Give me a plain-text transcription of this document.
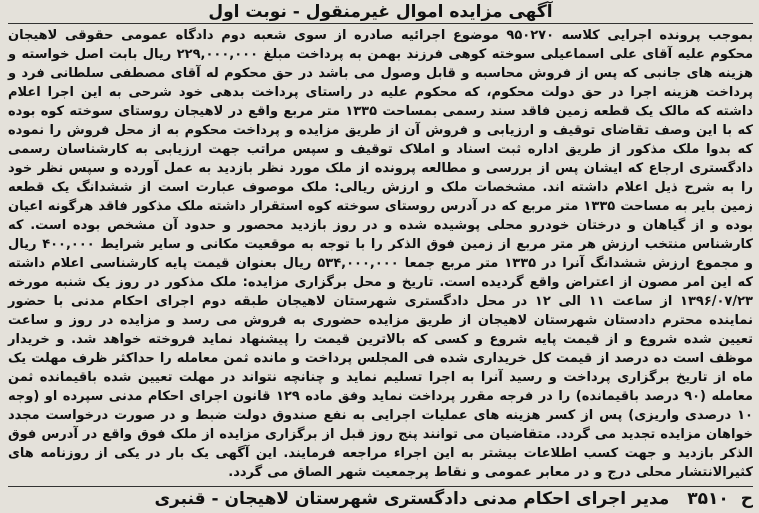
آگهی مزایده اموال غیرمنقول - نوبت اول

بموجب پرونده اجرایی کلاسه ۹۵۰۲۷۰ موضوع اجرائیه صادره از سوی شعبه دوم دادگاه عمومی حقوقی لاهیجان محکوم علیه آقای علی اسماعیلی سوخته کوهی فرزند بهمن به پرداخت مبلغ ۲۲۹,۰۰۰,۰۰۰ ریال بابت اصل خواسته و هزینه های جانبی که پس از فروش محاسبه و قابل وصول می باشد در حق محکوم له آقای مصطفی سلطانی فرد و پرداخت هزینه اجرا در حق دولت محکوم، که محکوم علیه در راستای پرداخت بدهی خود شرحی به این اجرا اعلام داشته که مالک یک قطعه زمین فاقد سند رسمی بمساحت ۱۳۳۵ متر مربع واقع در لاهیجان روستای سوخته کوه بوده که با این وصف تقاضای توقیف و ارزیابی و فروش آن از طریق مزایده و پرداخت محکوم به از محل فروش را نموده که بدوا ملک مذکور از طریق اداره ثبت اسناد و املاک توقیف و سپس مراتب جهت ارزیابی به کارشناسان رسمی دادگستری ارجاع که ایشان پس از بررسی و مطالعه پرونده از ملک مورد نظر بازدید به عمل آورده و سپس نظر خود را به شرح ذیل اعلام داشته اند. مشخصات ملک و ارزش ریالی: ملک موصوف عبارت است از ششدانگ یک قطعه زمین بایر به مساحت ۱۳۳۵ متر مربع که در آدرس روستای سوخته کوه استقرار داشته ملک مذکور فاقد هرگونه اعیان بوده و از گیاهان و درختان خودرو محلی پوشیده شده و در روز بازدید محصور و حدود آن مشخص بوده است. که کارشناس منتخب ارزش هر متر مربع از زمین فوق الذکر را با توجه به موقعیت مکانی و سایر شرایط ۴۰۰,۰۰۰ ریال و مجموع ارزش ششدانگ آنرا در ۱۳۳۵ متر مربع جمعا ۵۳۴,۰۰۰,۰۰۰ ریال بعنوان قیمت پایه کارشناسی اعلام داشته که این امر مصون از اعتراض واقع گردیده است. تاریخ و محل برگزاری مزایده: ملک مذکور در روز یک شنبه مورخه ۱۳۹۶/۰۷/۲۳ از ساعت ۱۱ الی ۱۲ در محل دادگستری شهرستان لاهیجان طبقه دوم اجرای احکام مدنی با حضور نماینده محترم دادستان شهرستان لاهیجان از طریق مزایده حضوری به فروش می رسد و مزایده در روز و ساعت تعیین شده شروع و از قیمت پایه شروع و کسی که بالاترین قیمت را پیشنهاد نماید فروخته خواهد شد. و خریدار موظف است ده درصد از قیمت کل خریداری شده فی المجلس پرداخت و مانده ثمن معامله را حداکثر ظرف مهلت یک ماه از تاریخ برگزاری پرداخت و رسید آنرا به اجرا تسلیم نماید و چنانچه نتواند در مهلت تعیین شده باقیمانده ثمن معامله (۹۰ درصد باقیمانده) را در فرجه مقرر پرداخت نماید وفق ماده ۱۲۹ قانون اجرای احکام مدنی سپرده او (وجه ۱۰ درصدی واریزی) پس از کسر هزینه های عملیات اجرایی به نفع صندوق دولت ضبط و در صورت درخواست مجدد خواهان مزایده تجدید می گردد. متقاضیان می توانند پنج روز قبل از برگزاری مزایده از ملک فوق واقع در آدرس فوق الذکر بازدید و جهت کسب اطلاعات بیشتر به این اجراء مراجعه فرمایند. این آگهی یک بار در یکی از روزنامه های کثیرالانتشار محلی درج و در معابر عمومی و نقاط پرجمعیت شهر الصاق می گردد.

ح ۳۵۱۰
مدیر اجرای احکام مدنی دادگستری شهرستان لاهیجان - قنبری
